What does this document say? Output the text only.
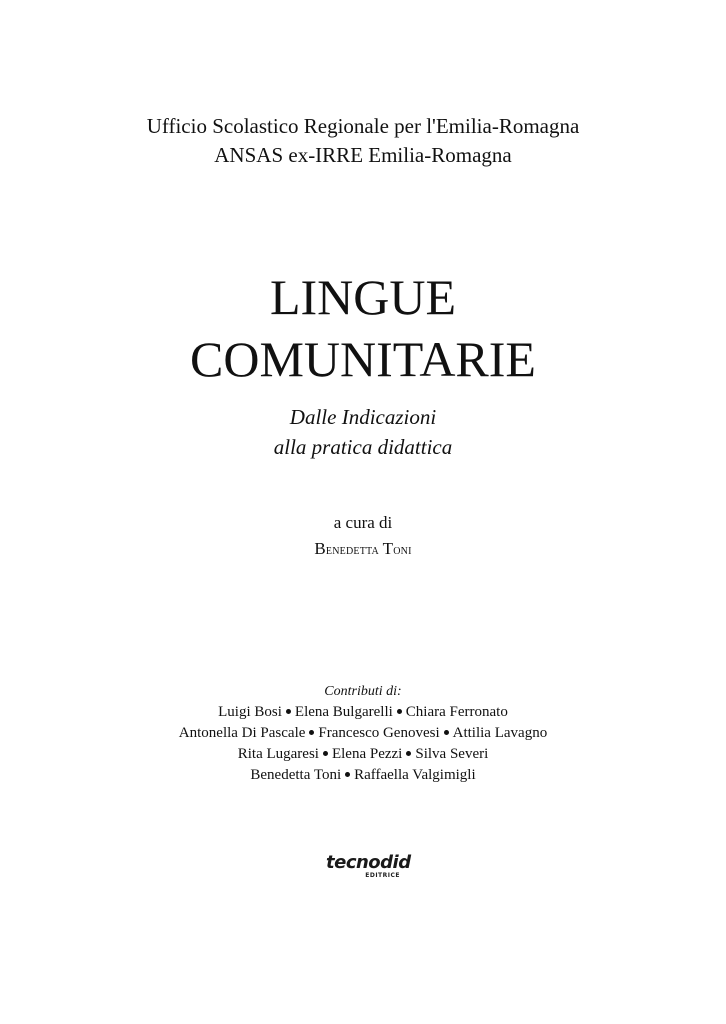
Ufficio Scolastico Regionale per l'Emilia-Romagna
ANSAS ex-IRRE Emilia-Romagna
LINGUE
COMUNITARIE
Dalle Indicazioni
alla pratica didattica
a cura di
Benedetta Toni
Contributi di:
Luigi Bosi Elena Bulgarelli Chiara Ferronato
Antonella Di Pascale Francesco Genovesi Attilia Lavagno
Rita Lugaresi Elena Pezzi Silva Severi
Benedetta Toni Raffaella Valgimigli
tecnodid
EDITRICE
